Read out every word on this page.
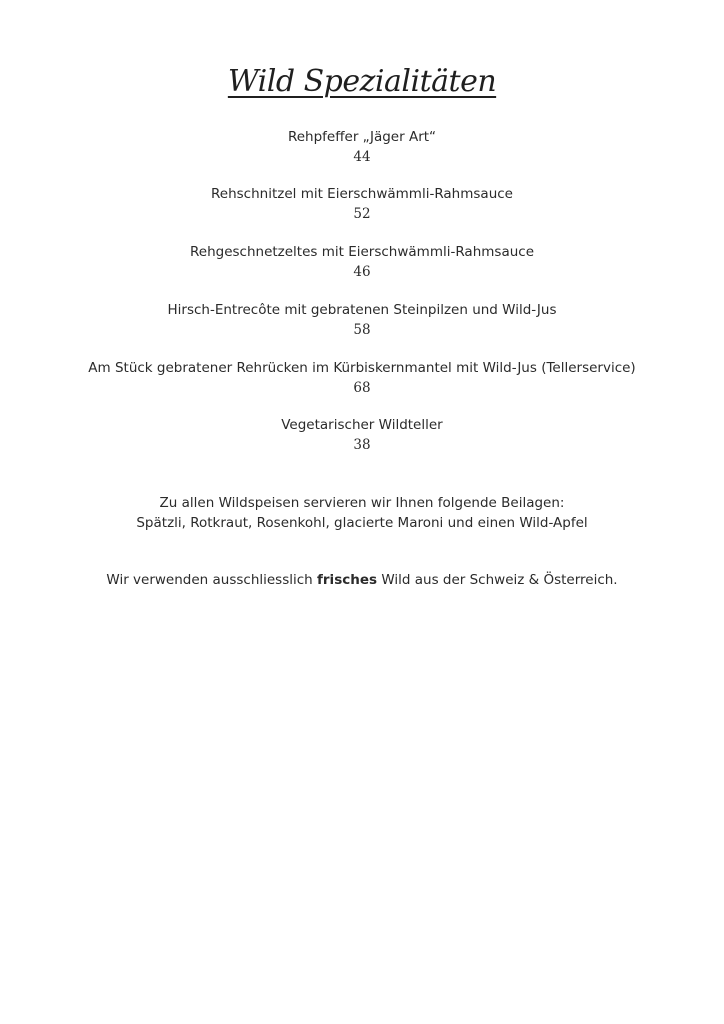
Wild Spezialitäten
Rehpfeffer „Jäger Art“
44
Rehschnitzel mit Eierschwämmli-Rahmsauce
52
Rehgeschnetzeltes mit Eierschwämmli-Rahmsauce
46
Hirsch-Entrecôte mit gebratenen Steinpilzen und Wild-Jus
58
Am Stück gebratener Rehrücken im Kürbiskernmantel mit Wild-Jus (Tellerservice)
68
Vegetarischer Wildteller
38
Zu allen Wildspeisen servieren wir Ihnen folgende Beilagen:
Spätzli, Rotkraut, Rosenkohl, glacierte Maroni und einen Wild-Apfel
Wir verwenden ausschliesslich frisches Wild aus der Schweiz & Österreich.
